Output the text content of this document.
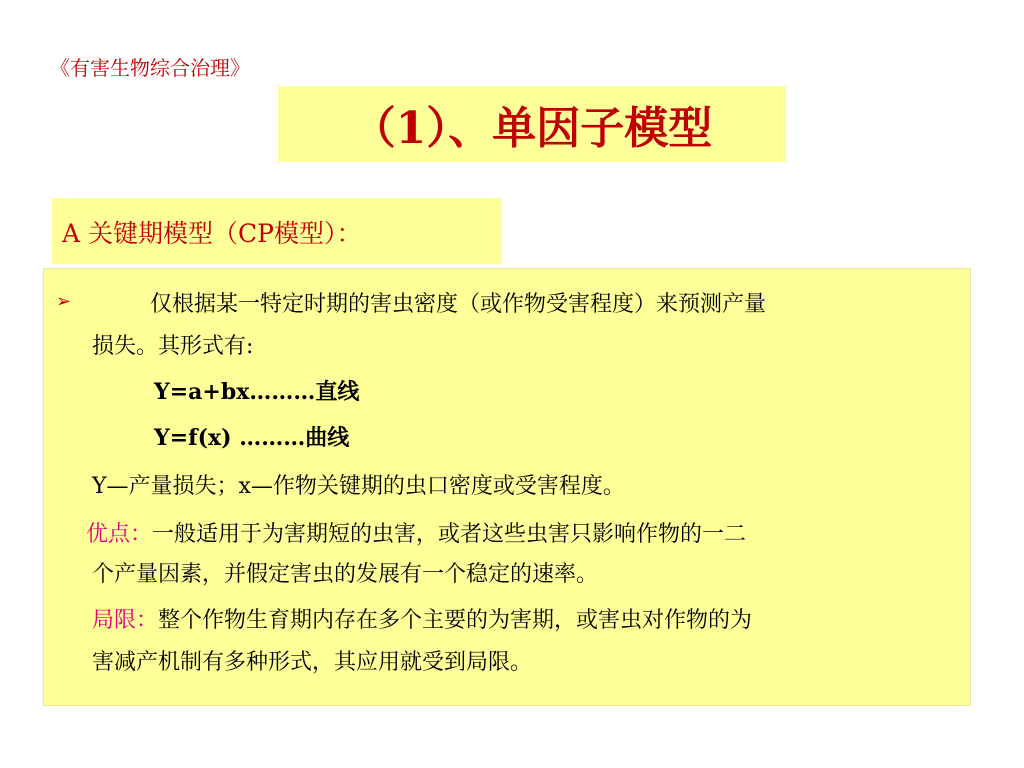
《有害生物综合治理》
（1）、单因子模型
A 关键期模型（CP模型）：
➢	仅根据某一特定时期的害虫密度（或作物受害程度）来预测产量
损失。其形式有:
Y=a+bx………直线
Y=f(x) ………曲线
Y—产量损失；x—作物关键期的虫口密度或受害程度。
优点：一般适用于为害期短的虫害，或者这些虫害只影响作物的一二
个产量因素，并假定害虫的发展有一个稳定的速率。
局限：整个作物生育期内存在多个主要的为害期，或害虫对作物的为
害减产机制有多种形式，其应用就受到局限。
